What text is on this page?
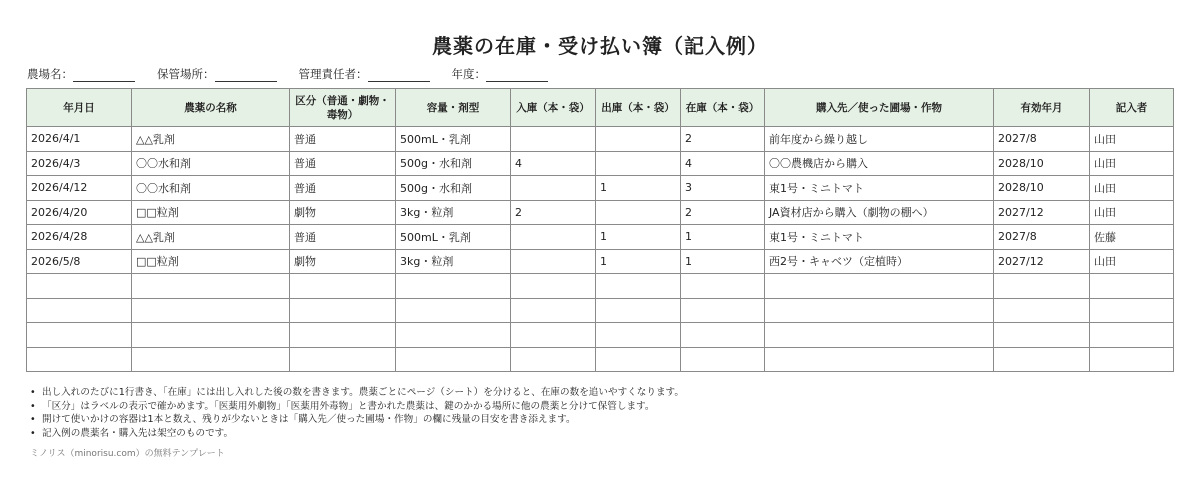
農薬の在庫・受け払い簿（記入例）
農場名：	保管場所：	管理責任者：	年度：
年月日	農薬の名称	区分（普通・劇物・毒物）	容量・剤型	入庫（本・袋）	出庫（本・袋）	在庫（本・袋）	購入先／使った圃場・作物	有効年月	記入者
2026/4/1	△△乳剤	普通	500mL・乳剤			2	前年度から繰り越し	2027/8	山田
2026/4/3	〇〇水和剤	普通	500g・水和剤	4		4	〇〇農機店から購入	2028/10	山田
2026/4/12	〇〇水和剤	普通	500g・水和剤		1	3	東1号・ミニトマト	2028/10	山田
2026/4/20	□□粒剤	劇物	3kg・粒剤	2		2	JA資材店から購入（劇物の棚へ）	2027/12	山田
2026/4/28	△△乳剤	普通	500mL・乳剤		1	1	東1号・ミニトマト	2027/8	佐藤
2026/5/8	□□粒剤	劇物	3kg・粒剤		1	1	西2号・キャベツ（定植時）	2027/12	山田

• 出し入れのたびに1行書き、「在庫」には出し入れした後の数を書きます。農薬ごとにページ（シート）を分けると、在庫の数を追いやすくなります。
• 「区分」はラベルの表示で確かめます。「医薬用外劇物」「医薬用外毒物」と書かれた農薬は、鍵のかかる場所に他の農薬と分けて保管します。
• 開けて使いかけの容器は1本と数え、残りが少ないときは「購入先／使った圃場・作物」の欄に残量の目安を書き添えます。
• 記入例の農薬名・購入先は架空のものです。
ミノリス（minorisu.com）の無料テンプレート
